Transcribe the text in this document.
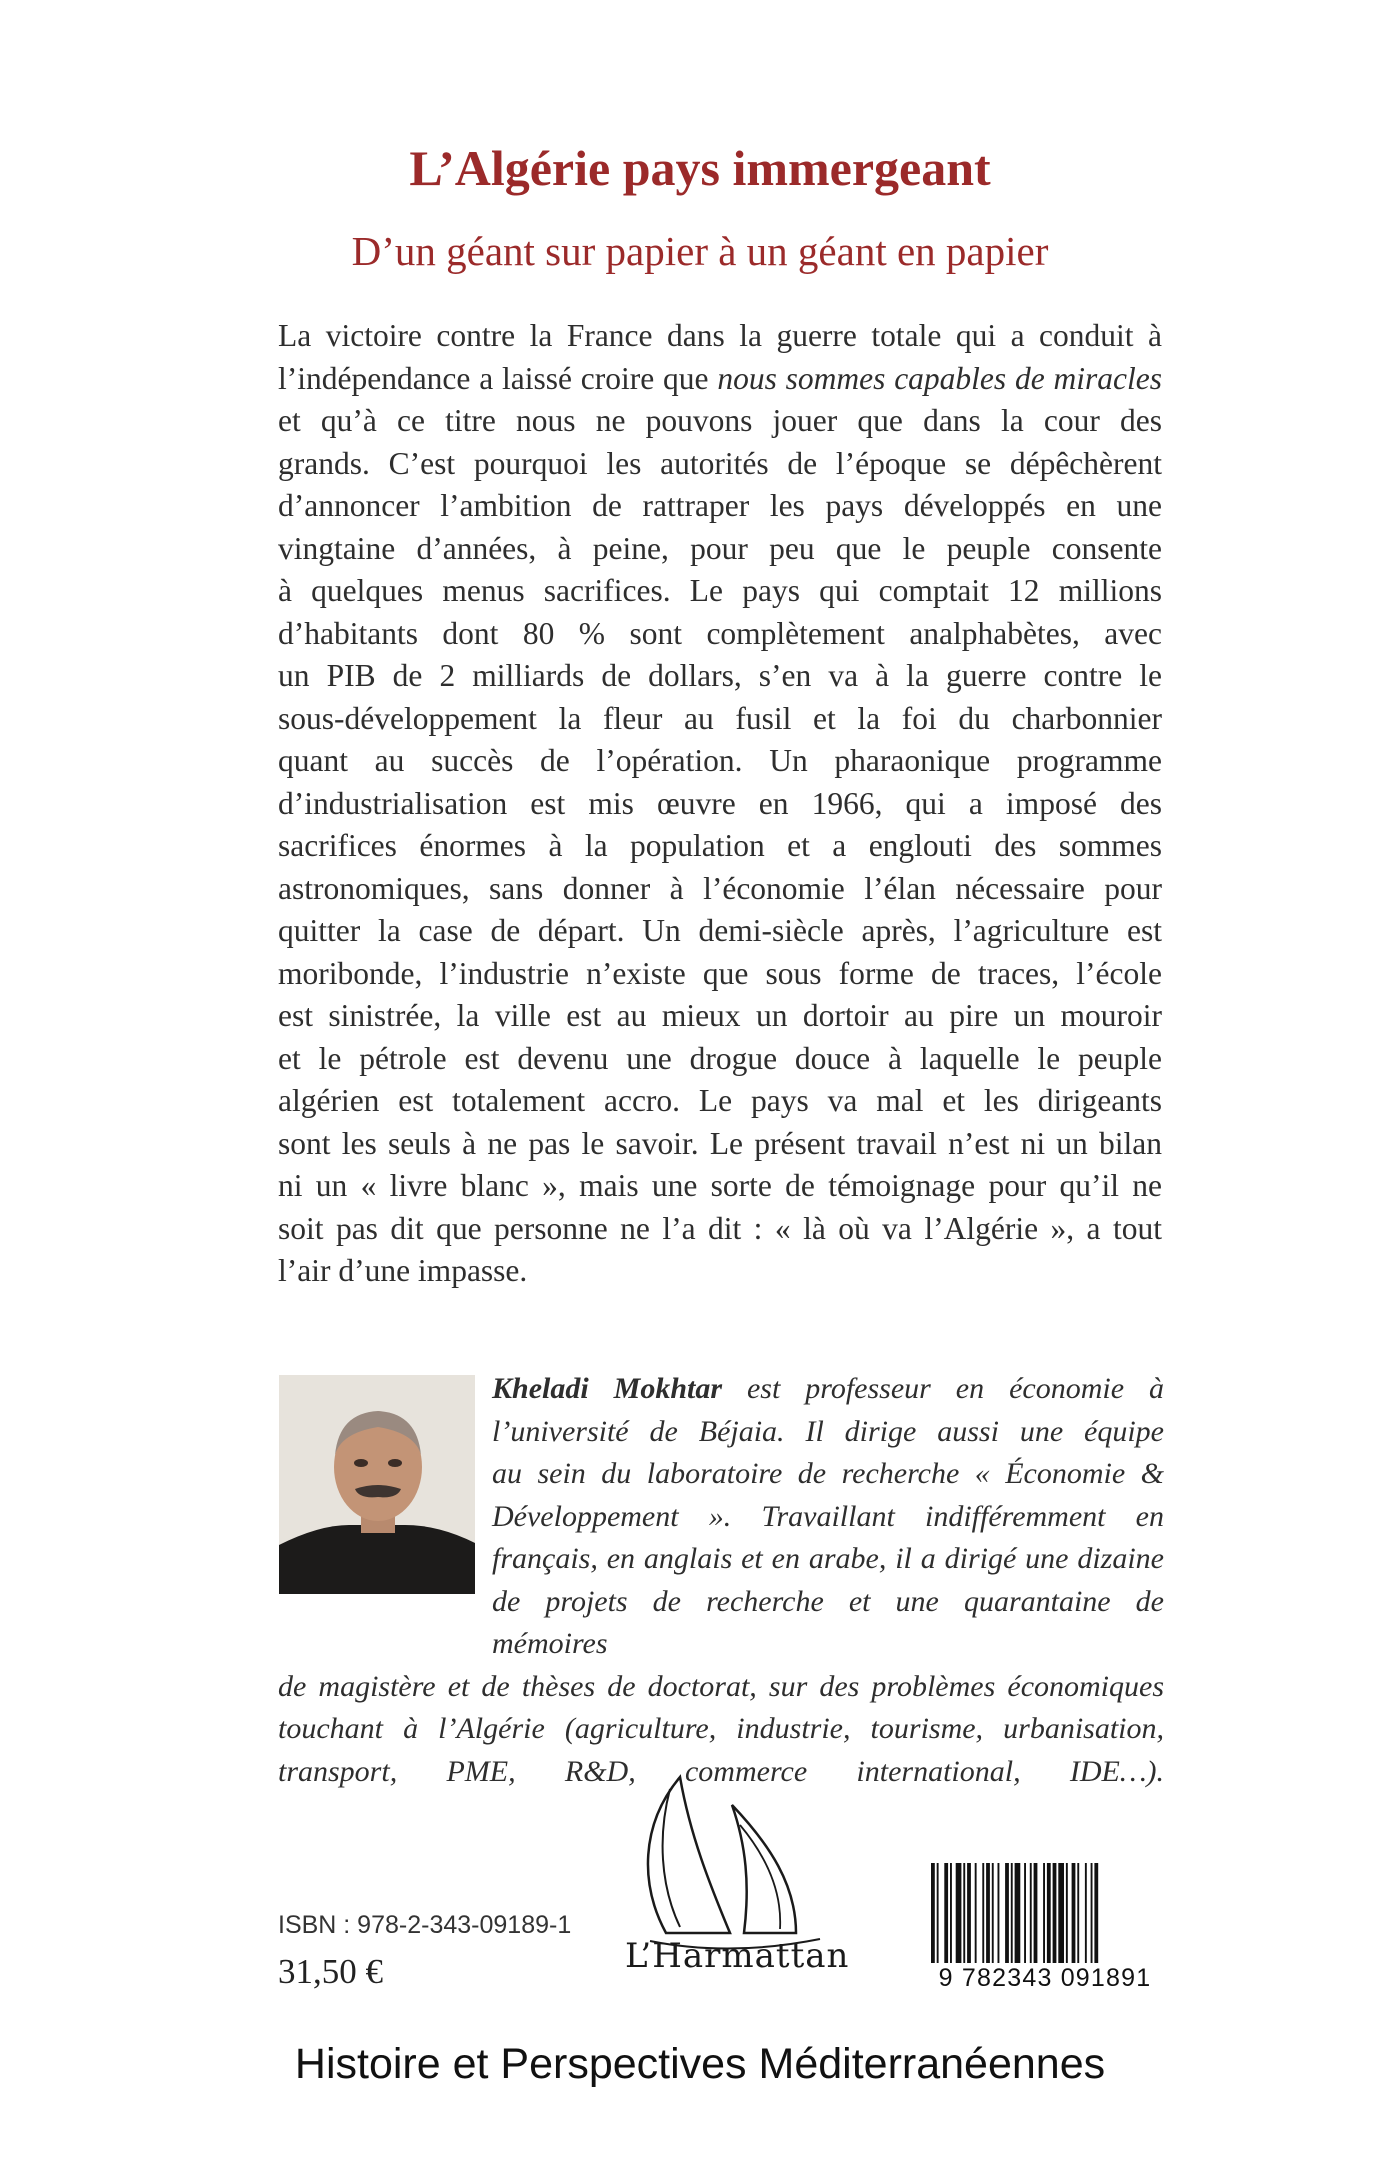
L’Algérie pays immergeant
D’un géant sur papier à un géant en papier
La victoire contre la France dans la guerre totale qui a conduit à
l’indépendance a laissé croire que nous sommes capables de miracles
et qu’à ce titre nous ne pouvons jouer que dans la cour des
grands. C’est pourquoi les autorités de l’époque se dépêchèrent
d’annoncer l’ambition de rattraper les pays développés en une
vingtaine d’années, à peine, pour peu que le peuple consente
à quelques menus sacrifices. Le pays qui comptait 12 millions
d’habitants dont 80 % sont complètement analphabètes, avec
un PIB de 2 milliards de dollars, s’en va à la guerre contre le
sous-développement la fleur au fusil et la foi du charbonnier
quant au succès de l’opération. Un pharaonique programme
d’industrialisation est mis œuvre en 1966, qui a imposé des
sacrifices énormes à la population et a englouti des sommes
astronomiques, sans donner à l’économie l’élan nécessaire pour
quitter la case de départ. Un demi-siècle après, l’agriculture est
moribonde, l’industrie n’existe que sous forme de traces, l’école
est sinistrée, la ville est au mieux un dortoir au pire un mouroir
et le pétrole est devenu une drogue douce à laquelle le peuple
algérien est totalement accro. Le pays va mal et les dirigeants
sont les seuls à ne pas le savoir. Le présent travail n’est ni un bilan
ni un « livre blanc », mais une sorte de témoignage pour qu’il ne
soit pas dit que personne ne l’a dit : « là où va l’Algérie », a tout
l’air d’une impasse.
Kheladi Mokhtar est professeur en économie à
l’université de Béjaia. Il dirige aussi une équipe
au sein du laboratoire de recherche « Économie &
Développement ». Travaillant indifféremment en
français, en anglais et en arabe, il a dirigé une dizaine
de projets de recherche et une quarantaine de mémoires
de magistère et de thèses de doctorat, sur des problèmes économiques
touchant à l’Algérie (agriculture, industrie, tourisme, urbanisation,
transport, PME, R&D, commerce international, IDE…).
L’Harmattan
ISBN : 978-2-343-09189-1
31,50 €	9 782343 091891
Histoire et Perspectives Méditerranéennes
